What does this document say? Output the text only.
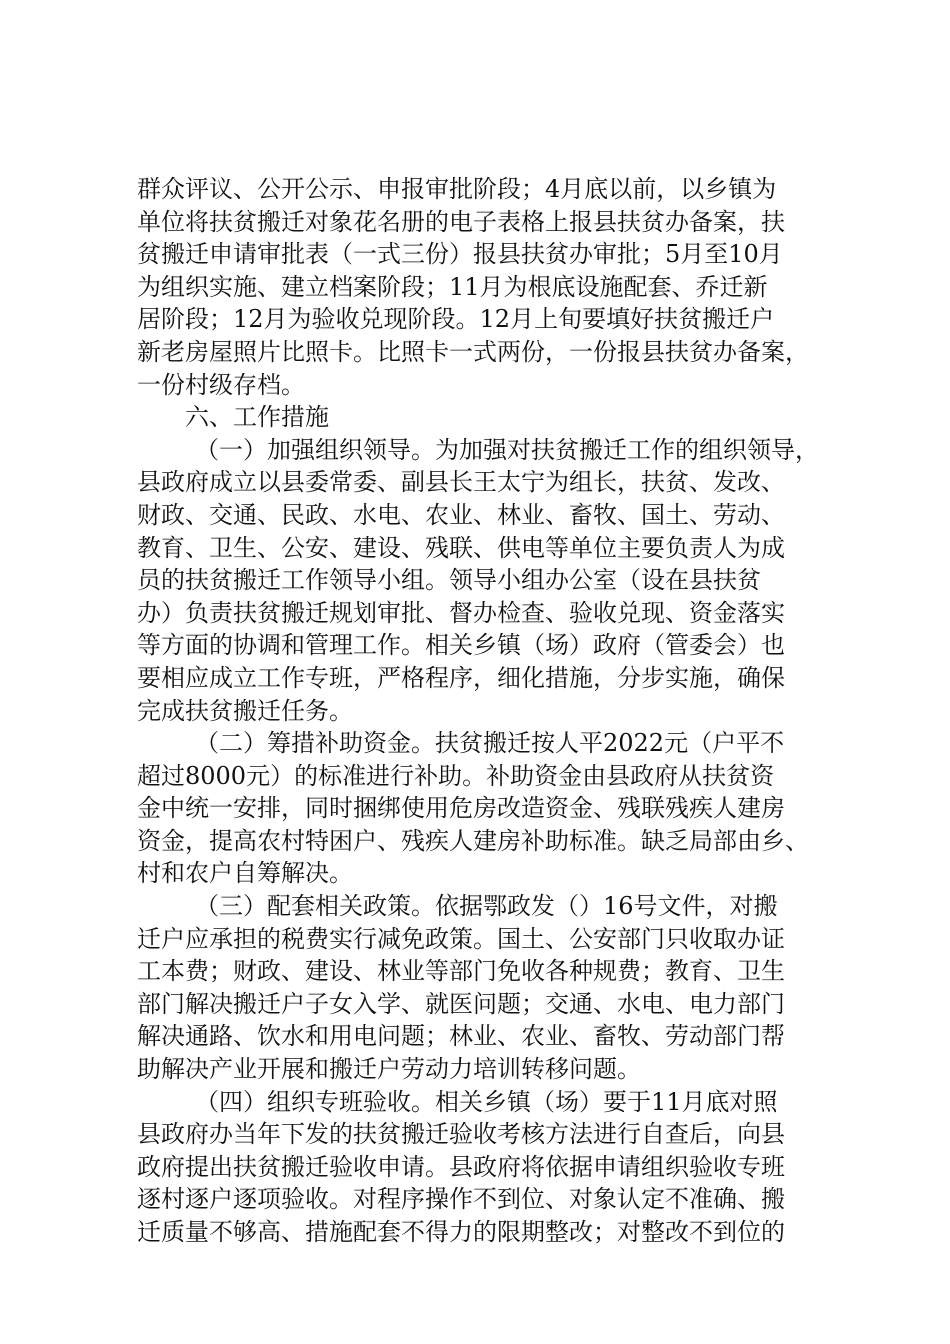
群众评议、公开公示、申报审批阶段；4月底以前，以乡镇为
单位将扶贫搬迁对象花名册的电子表格上报县扶贫办备案，扶
贫搬迁申请审批表（一式三份）报县扶贫办审批；5月至10月
为组织实施、建立档案阶段；11月为根底设施配套、乔迁新
居阶段；12月为验收兑现阶段。12月上旬要填好扶贫搬迁户
新老房屋照片比照卡。比照卡一式两份，一份报县扶贫办备案，
一份村级存档。
六、工作措施
（一）加强组织领导。为加强对扶贫搬迁工作的组织领导，
县政府成立以县委常委、副县长王太宁为组长，扶贫、发改、
财政、交通、民政、水电、农业、林业、畜牧、国土、劳动、
教育、卫生、公安、建设、残联、供电等单位主要负责人为成
员的扶贫搬迁工作领导小组。领导小组办公室（设在县扶贫
办）负责扶贫搬迁规划审批、督办检查、验收兑现、资金落实
等方面的协调和管理工作。相关乡镇（场）政府（管委会）也
要相应成立工作专班，严格程序，细化措施，分步实施，确保
完成扶贫搬迁任务。
（二）筹措补助资金。扶贫搬迁按人平2022元（户平不
超过8000元）的标准进行补助。补助资金由县政府从扶贫资
金中统一安排，同时捆绑使用危房改造资金、残联残疾人建房
资金，提高农村特困户、残疾人建房补助标准。缺乏局部由乡、
村和农户自筹解决。
（三）配套相关政策。依据鄂政发（）16号文件，对搬
迁户应承担的税费实行减免政策。国土、公安部门只收取办证
工本费；财政、建设、林业等部门免收各种规费；教育、卫生
部门解决搬迁户子女入学、就医问题；交通、水电、电力部门
解决通路、饮水和用电问题；林业、农业、畜牧、劳动部门帮
助解决产业开展和搬迁户劳动力培训转移问题。
（四）组织专班验收。相关乡镇（场）要于11月底对照
县政府办当年下发的扶贫搬迁验收考核方法进行自查后，向县
政府提出扶贫搬迁验收申请。县政府将依据申请组织验收专班
逐村逐户逐项验收。对程序操作不到位、对象认定不准确、搬
迁质量不够高、措施配套不得力的限期整改；对整改不到位的
